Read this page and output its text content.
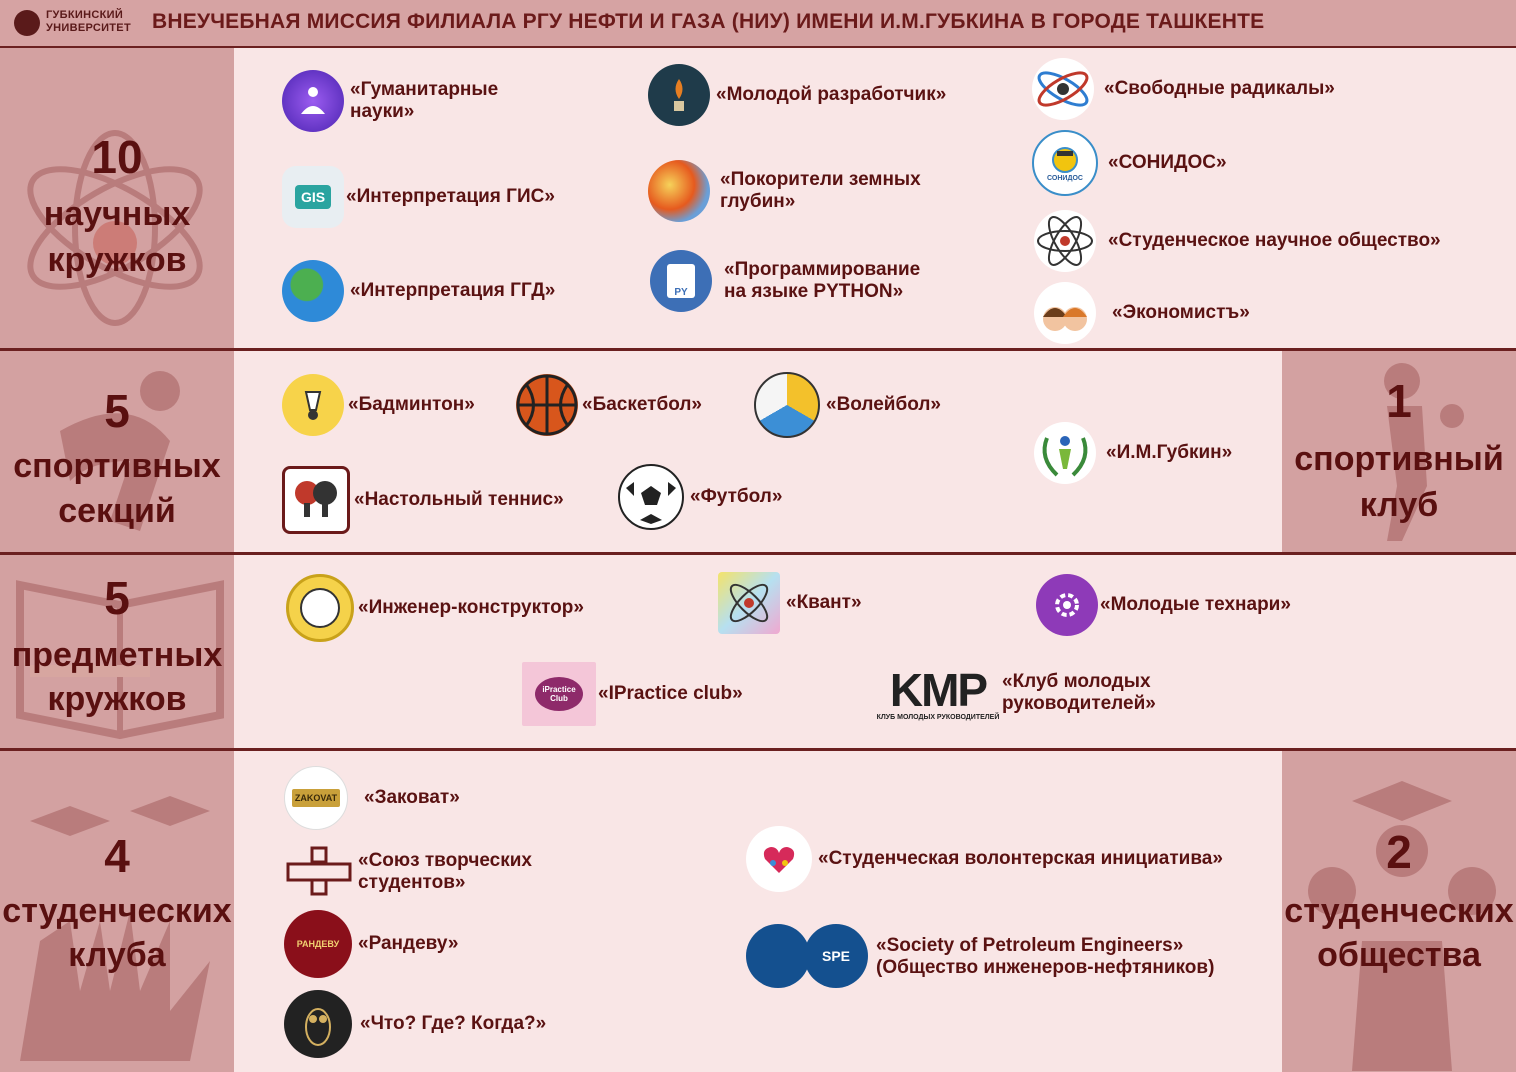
ГУБКИНСКИЙ
УНИВЕРСИТЕТ ВНЕУЧЕБНАЯ МИССИЯ ФИЛИАЛА РГУ НЕФТИ И ГАЗА (НИУ) ИМЕНИ И.М.ГУБКИНА В ГОРОДЕ ТАШКЕНТЕ
10
научных
кружков
«Гуманитарные
науки»
«Молодой разработчик»	«Свободные радикалы»
СОНИДОС
«СОНИДОС»
GIS	«Интерпретация ГИС»
«Покорители земных
глубин»
«Студенческое научное общество»
«Интерпретация ГГД»	PY
«Программирование
на языке PYTHON»
«Экономистъ»
5
спортивных
секций
1
спортивный
клуб
«Бадминтон»	«Баскетбол»	«Волейбол»
«И.М.Губкин»
«Настольный теннис»	«Футбол»
5
предметных
кружков
«Инженер-конструктор»	«Квант»	«Молодые технари»
iPractice Club	«IPractice club»	KMP
КЛУБ МОЛОДЫХ РУКОВОДИТЕЛЕЙ
«Клуб молодых
руководителей»
4
студенческих
клуба
2
студенческих
общества
ZAKOVAT «Заковат»
«Союз творческих
студентов»
РАНДЕВУ «Рандеву»
«Что? Где? Когда?»
«Студенческая волонтерская инициатива»
SPE «Society of Petroleum Engineers»
(Общество инженеров-нефтяников)
